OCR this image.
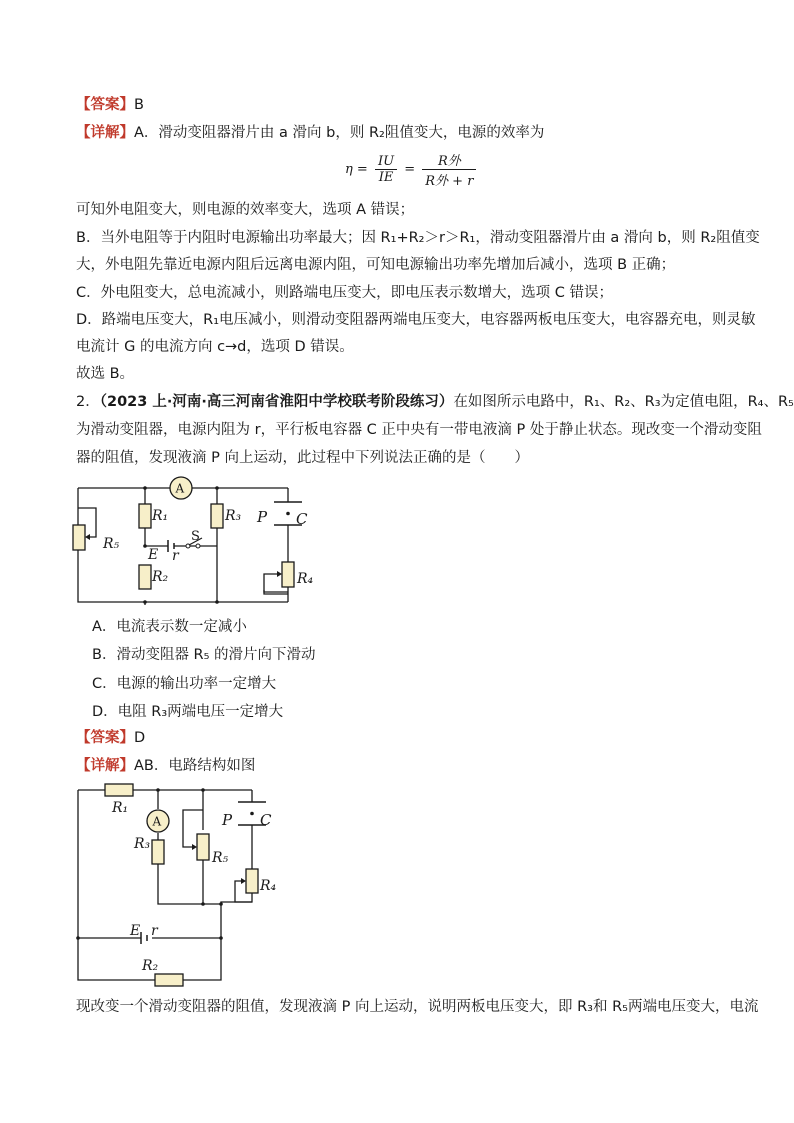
【答案】B
【详解】A．滑动变阻器滑片由 a 滑向 b，则 R₂阻值变大，电源的效率为
$\eta = \frac{IU}{IE} = \frac{\text{R外}}{\text{R外 + r}}$
可知外电阻变大，则电源的效率变大，选项 A 错误；
B．当外电阻等于内阻时电源输出功率最大；因 R₁+R₂＞r＞R₁，滑动变阻器滑片由 a 滑向 b，则 R₂阻值变
大，外电阻先靠近电源内阻后远离电源内阻，可知电源输出功率先增加后减小，选项 B 正确；
C．外电阻变大，总电流减小，则路端电压变大，即电压表示数增大，选项 C 错误；
D．路端电压变大，R₁电压减小，则滑动变阻器两端电压变大，电容器两板电压变大，电容器充电，则灵敏
电流计 G 的电流方向 c→d，选项 D 错误。
故选 B。
2．（2023 上·河南·高三河南省淮阳中学校联考阶段练习）在如图所示电路中，R₁、R₂、R₃为定值电阻，R₄、R₅
为滑动变阻器，电源内阻为 r，平行板电容器 C 正中央有一带电液滴 P 处于静止状态。现改变一个滑动变阻
器的阻值，发现液滴 P 向上运动，此过程中下列说法正确的是（　　）
A
R₁	R₃
R₂
R₅
R₄
E r
S
P C
A．电流表示数一定减小
B．滑动变阻器 R₅ 的滑片向下滑动
C．电源的输出功率一定增大
D．电阻 R₃两端电压一定增大
【答案】D
【详解】AB．电路结构如图
A
R₁
R₃
R₅
R₄
P C
E r
R₂
现改变一个滑动变阻器的阻值，发现液滴 P 向上运动，说明两板电压变大，即 R₃和 R₅两端电压变大，电流
